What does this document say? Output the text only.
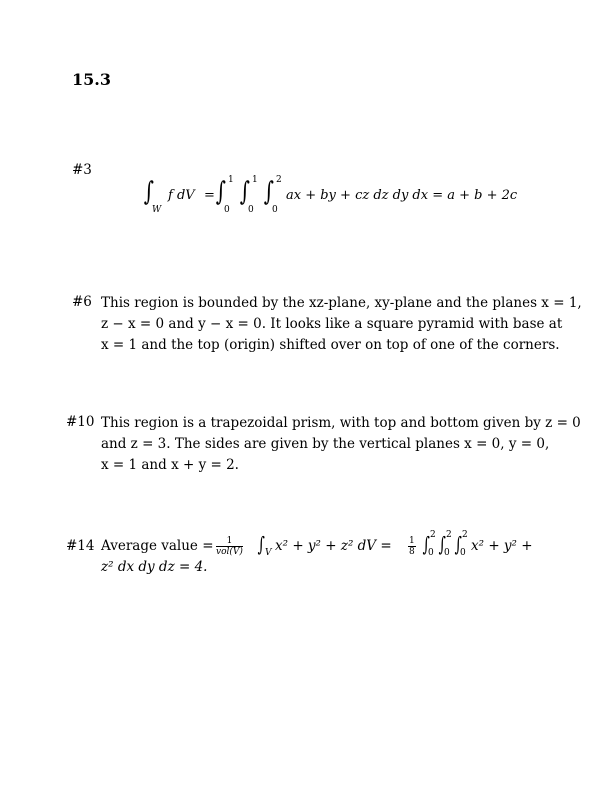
15.3
#3
∫
W
f dV = ∫ 1
0
∫ 1
0
∫ 2
0
ax + by + cz dz dy dx = a + b + 2c
#6 This region is bounded by the xz-plane, xy-plane and the planes x = 1,
z − x = 0 and y − x = 0. It looks like a square pyramid with base at
x = 1 and the top (origin) shifted over on top of one of the corners.
#10 This region is a trapezoidal prism, with top and bottom given by z = 0
and z = 3. The sides are given by the vertical planes x = 0, y = 0,
x = 1 and x + y = 2.
#14 Average value =	1
vol(V) ∫ V x² + y² + z² dV = $\frac{1}{8}$ ∫ 2
0 ∫ 2
0 ∫ 2
0 x² + y² +
z² dx dy dz = 4.
